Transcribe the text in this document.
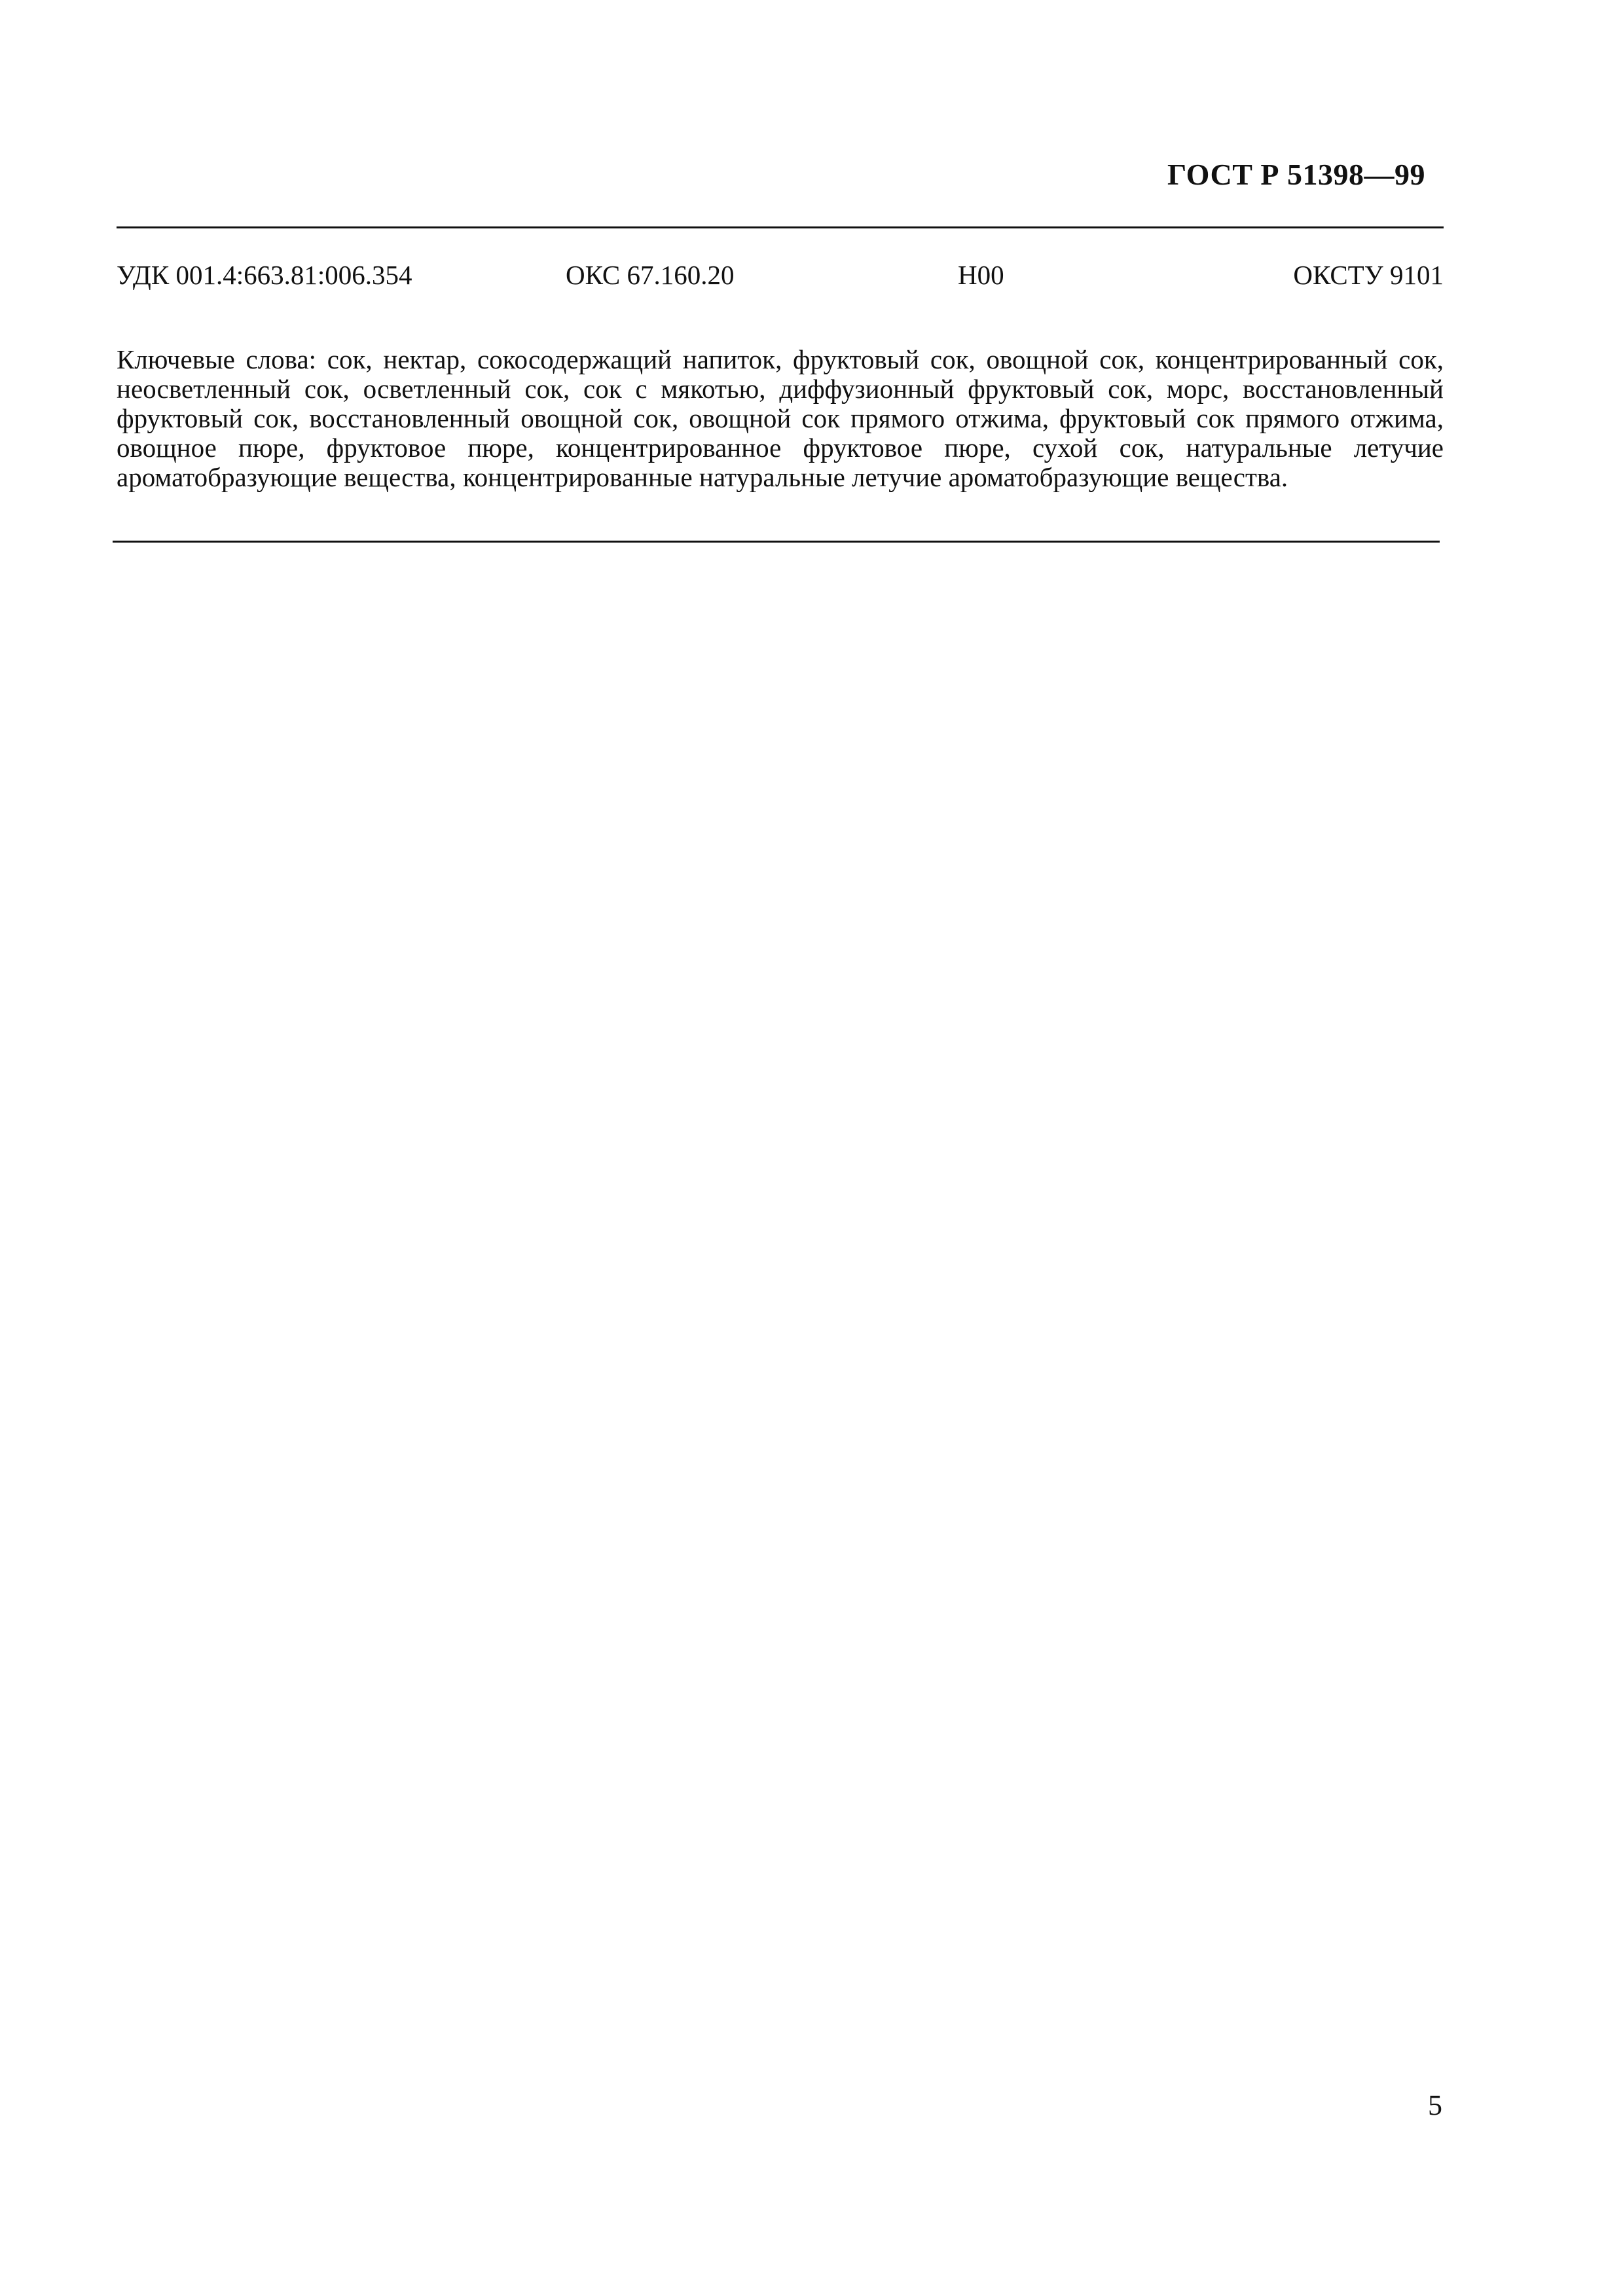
ГОСТ Р 51398—99
УДК 001.4:663.81:006.354	ОКС 67.160.20	Н00	ОКСТУ 9101

Ключевые слова: сок, нектар, сокосодержащий напиток, фруктовый сок, овощной сок, концентрированный сок, неосветленный сок, осветленный сок, сок с мякотью, диффузионный фруктовый сок, морс, восстановленный фруктовый сок, восстановленный овощной сок, овощной сок прямого отжима, фруктовый сок прямого отжима, овощное пюре, фруктовое пюре, концентрированное фруктовое пюре, сухой сок, натуральные летучие ароматобразующие вещества, концентрированные натуральные летучие ароматобразующие вещества.

5
